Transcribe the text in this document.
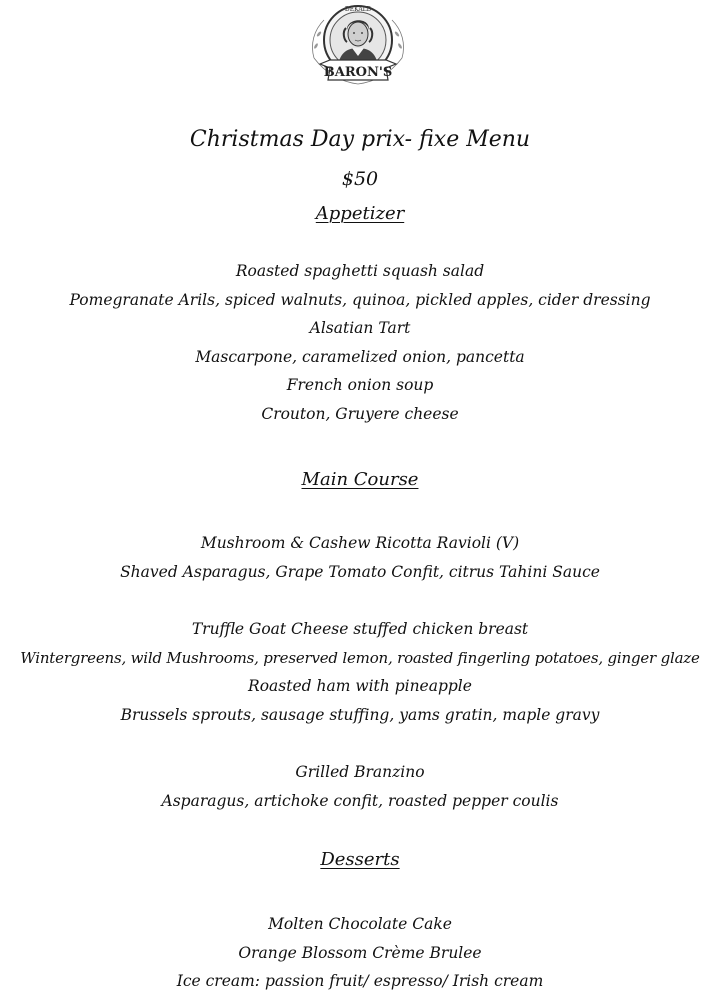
DEKALB
BARON'S
Christmas Day prix- fixe Menu
$50
Appetizer
Roasted spaghetti squash salad
Pomegranate Arils, spiced walnuts, quinoa, pickled apples, cider dressing
Alsatian Tart
Mascarpone, caramelized onion, pancetta
French onion soup
Crouton, Gruyere cheese
Main Course
Mushroom & Cashew Ricotta Ravioli (V)
Shaved Asparagus, Grape Tomato Confit, citrus Tahini Sauce
Truffle Goat Cheese stuffed chicken breast
Wintergreens, wild Mushrooms, preserved lemon, roasted fingerling potatoes, ginger glaze
Roasted ham with pineapple
Brussels sprouts, sausage stuffing, yams gratin, maple gravy
Grilled Branzino
Asparagus, artichoke confit, roasted pepper coulis
Desserts
Molten Chocolate Cake
Orange Blossom Crème Brulee
Ice cream: passion fruit/ espresso/ Irish cream
